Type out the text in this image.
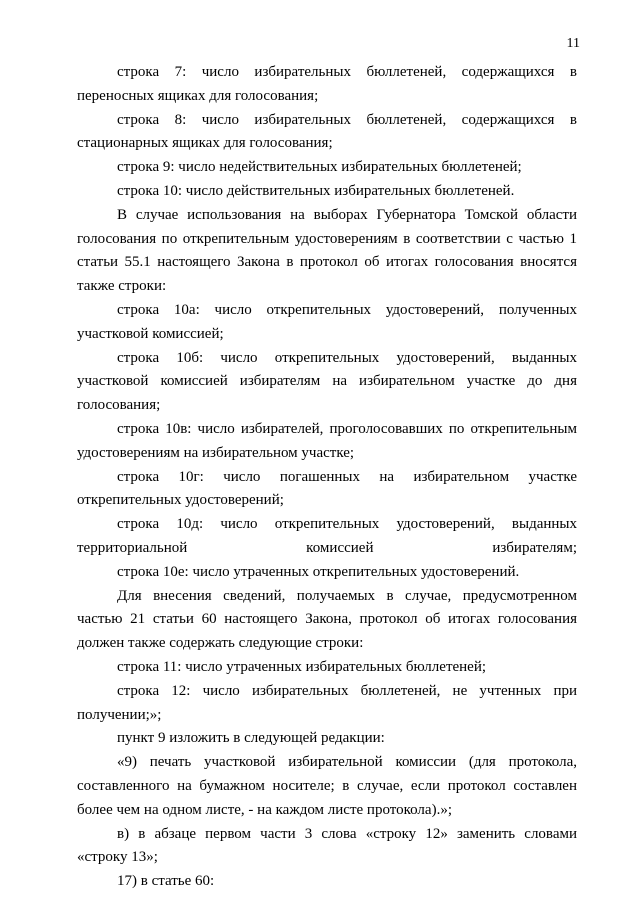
11

строка 7: число избирательных бюллетеней, содержащихся в переносных ящиках для голосования;

строка 8: число избирательных бюллетеней, содержащихся в стационарных ящиках для голосования;

строка 9: число недействительных избирательных бюллетеней;

строка 10: число действительных избирательных бюллетеней.

В случае использования на выборах Губернатора Томской области голосования по открепительным удостоверениям в соответствии с частью 1 статьи 55.1 настоящего Закона в протокол об итогах голосования вносятся также строки:

строка 10а: число открепительных удостоверений, полученных участковой комиссией;

строка 10б: число открепительных удостоверений, выданных участковой комиссией избирателям на избирательном участке до дня голосования;

строка 10в: число избирателей, проголосовавших по открепительным удостоверениям на избирательном участке;

строка 10г: число погашенных на избирательном участке открепительных удостоверений;

строка 10д: число открепительных удостоверений, выданных территориальной комиссией избирателям;

строка 10е: число утраченных открепительных удостоверений.

Для внесения сведений, получаемых в случае, предусмотренном частью 21 статьи 60 настоящего Закона, протокол об итогах голосования должен также содержать следующие строки:

строка 11: число утраченных избирательных бюллетеней;

строка 12: число избирательных бюллетеней, не учтенных при получении;»;

пункт 9 изложить в следующей редакции:

«9) печать участковой избирательной комиссии (для протокола, составленного на бумажном носителе; в случае, если протокол составлен более чем на одном листе, - на каждом листе протокола).»;

в) в абзаце первом части 3 слова «строку 12» заменить словами «строку 13»;

17) в статье 60:
